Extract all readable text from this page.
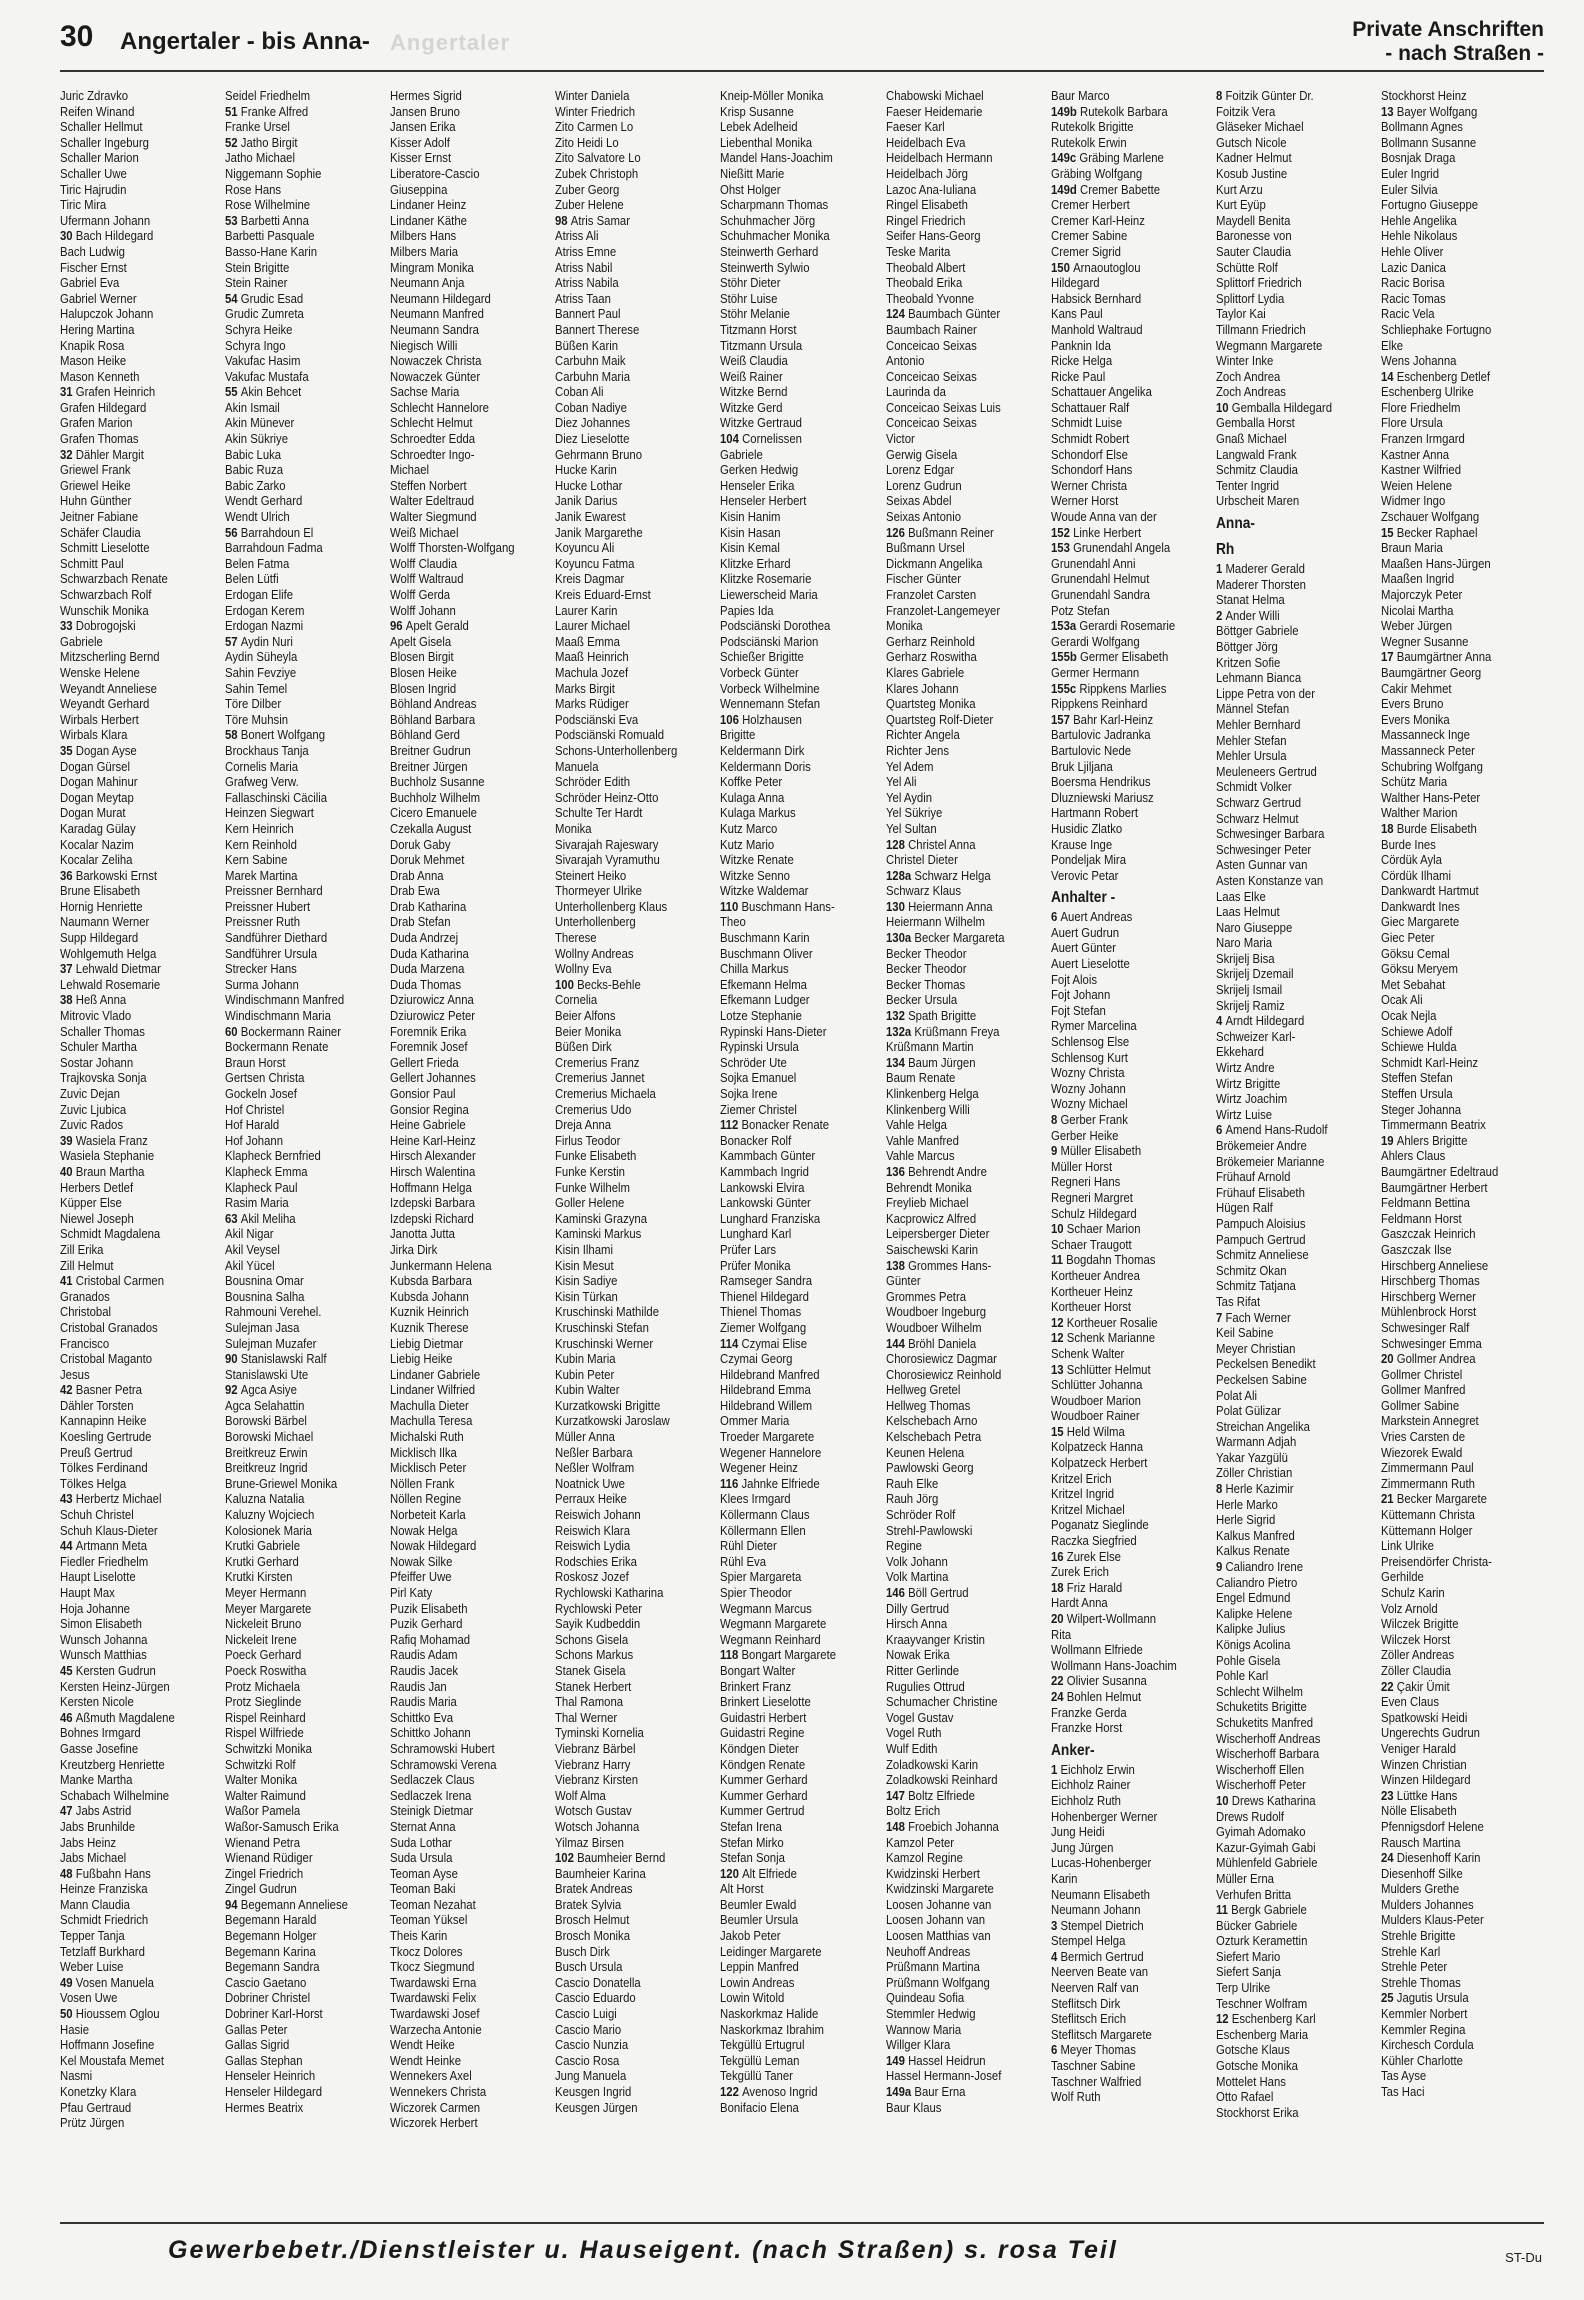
30 Angertaler - bis Anna- Angertaler
Private Anschriften
- nach Straßen -
Juric Zdravko
Reifen Winand
Schaller Hellmut
Schaller Ingeburg
Schaller Marion
Schaller Uwe
Tiric Hajrudin
Tiric Mira
Ufermann Johann
30 Bach Hildegard
Bach Ludwig
Fischer Ernst
Gabriel Eva
Gabriel Werner
Halupczok Johann
Hering Martina
Knapik Rosa
Mason Heike
Mason Kenneth
31 Grafen Heinrich
Grafen Hildegard
Grafen Marion
Grafen Thomas
32 Dähler Margit
Griewel Frank
Griewel Heike
Huhn Günther
Jeitner Fabiane
Schäfer Claudia
Schmitt Lieselotte
Schmitt Paul
Schwarzbach Renate
Schwarzbach Rolf
Wunschik Monika
33 Dobrogojski
Gabriele
Mitzscherling Bernd
Wenske Helene
Weyandt Anneliese
Weyandt Gerhard
Wirbals Herbert
Wirbals Klara
35 Dogan Ayse
Dogan Gürsel
Dogan Mahinur
Dogan Meytap
Dogan Murat
Karadag Gülay
Kocalar Nazim
Kocalar Zeliha
36 Barkowski Ernst
Brune Elisabeth
Hornig Henriette
Naumann Werner
Supp Hildegard
Wohlgemuth Helga
37 Lehwald Dietmar
Lehwald Rosemarie
38 Heß Anna
Mitrovic Vlado
Schaller Thomas
Schuler Martha
Sostar Johann
Trajkovska Sonja
Zuvic Dejan
Zuvic Ljubica
Zuvic Rados
39 Wasiela Franz
Wasiela Stephanie
40 Braun Martha
Herbers Detlef
Küpper Else
Niewel Joseph
Schmidt Magdalena
Zill Erika
Zill Helmut
41 Cristobal Carmen
Granados
Christobal
Cristobal Granados
Francisco
Cristobal Maganto
Jesus
42 Basner Petra
Dähler Torsten
Kannapinn Heike
Koesling Gertrude
Preuß Gertrud
Tölkes Ferdinand
Tölkes Helga
43 Herbertz Michael
Schuh Christel
Schuh Klaus-Dieter
44 Artmann Meta
Fiedler Friedhelm
Haupt Liselotte
Haupt Max
Hoja Johanne
Simon Elisabeth
Wunsch Johanna
Wunsch Matthias
45 Kersten Gudrun
Kersten Heinz-Jürgen
Kersten Nicole
46 Aßmuth Magdalene
Bohnes Irmgard
Gasse Josefine
Kreutzberg Henriette
Manke Martha
Schabach Wilhelmine
47 Jabs Astrid
Jabs Brunhilde
Jabs Heinz
Jabs Michael
48 Fußbahn Hans
Heinze Franziska
Mann Claudia
Schmidt Friedrich
Tepper Tanja
Tetzlaff Burkhard
Weber Luise
49 Vosen Manuela
Vosen Uwe
50 Hioussem Oglou
Hasie
Hoffmann Josefine
Kel Moustafa Memet
Nasmi
Konetzky Klara
Pfau Gertraud
Prütz Jürgen
Seidel Friedhelm
51 Franke Alfred
Franke Ursel
52 Jatho Birgit
Jatho Michael
Niggemann Sophie
Rose Hans
Rose Wilhelmine
53 Barbetti Anna
Barbetti Pasquale
Basso-Hane Karin
Stein Brigitte
Stein Rainer
54 Grudic Esad
Grudic Zumreta
Schyra Heike
Schyra Ingo
Vakufac Hasim
Vakufac Mustafa
55 Akin Behcet
Akin Ismail
Akin Münever
Akin Sükriye
Babic Luka
Babic Ruza
Babic Zarko
Wendt Gerhard
Wendt Ulrich
56 Barrahdoun El
Barrahdoun Fadma
Belen Fatma
Belen Lütfi
Erdogan Elife
Erdogan Kerem
Erdogan Nazmi
57 Aydin Nuri
Aydin Süheyla
Sahin Fevziye
Sahin Temel
Töre Dilber
Töre Muhsin
58 Bonert Wolfgang
Brockhaus Tanja
Cornelis Maria
Grafweg Verw.
Fallaschinski Cäcilia
Heinzen Siegwart
Kern Heinrich
Kern Reinhold
Kern Sabine
Marek Martina
Preissner Bernhard
Preissner Hubert
Preissner Ruth
Sandführer Diethard
Sandführer Ursula
Strecker Hans
Surma Johann
Windischmann Manfred
Windischmann Maria
60 Bockermann Rainer
Bockermann Renate
Braun Horst
Gertsen Christa
Gockeln Josef
Hof Christel
Hof Harald
Hof Johann
Klapheck Bernfried
Klapheck Emma
Klapheck Paul
Rasim Maria
63 Akil Meliha
Akil Nigar
Akil Veysel
Akil Yücel
Bousnina Omar
Bousnina Salha
Rahmouni Verehel.
Sulejman Jasa
Sulejman Muzafer
90 Stanislawski Ralf
Stanislawski Ute
92 Agca Asiye
Agca Selahattin
Borowski Bärbel
Borowski Michael
Breitkreuz Erwin
Breitkreuz Ingrid
Brune-Griewel Monika
Kaluzna Natalia
Kaluzny Wojciech
Kolosionek Maria
Krutki Gabriele
Krutki Gerhard
Krutki Kirsten
Meyer Hermann
Meyer Margarete
Nickeleit Bruno
Nickeleit Irene
Poeck Gerhard
Poeck Roswitha
Protz Michaela
Protz Sieglinde
Rispel Reinhard
Rispel Wilfriede
Schwitzki Monika
Schwitzki Rolf
Walter Monika
Walter Raimund
Waßor Pamela
Waßor-Samusch Erika
Wienand Petra
Wienand Rüdiger
Zingel Friedrich
Zingel Gudrun
94 Begemann Anneliese
Begemann Harald
Begemann Holger
Begemann Karina
Begemann Sandra
Cascio Gaetano
Dobriner Christel
Dobriner Karl-Horst
Gallas Peter
Gallas Sigrid
Gallas Stephan
Henseler Heinrich
Henseler Hildegard
Hermes Beatrix
Hermes Sigrid
Jansen Bruno
Jansen Erika
Kisser Adolf
Kisser Ernst
Liberatore-Cascio
Giuseppina
Lindaner Heinz
Lindaner Käthe
Milbers Hans
Milbers Maria
Mingram Monika
Neumann Anja
Neumann Hildegard
Neumann Manfred
Neumann Sandra
Niegisch Willi
Nowaczek Christa
Nowaczek Günter
Sachse Maria
Schlecht Hannelore
Schlecht Helmut
Schroedter Edda
Schroedter Ingo-
Michael
Steffen Norbert
Walter Edeltraud
Walter Siegmund
Weiß Michael
Wolff Thorsten-Wolfgang
Wolff Claudia
Wolff Waltraud
Wolff Gerda
Wolff Johann
96 Apelt Gerald
Apelt Gisela
Blosen Birgit
Blosen Heike
Blosen Ingrid
Böhland Andreas
Böhland Barbara
Böhland Gerd
Breitner Gudrun
Breitner Jürgen
Buchholz Susanne
Buchholz Wilhelm
Cicero Emanuele
Czekalla August
Doruk Gaby
Doruk Mehmet
Drab Anna
Drab Ewa
Drab Katharina
Drab Stefan
Duda Andrzej
Duda Katharina
Duda Marzena
Duda Thomas
Dziurowicz Anna
Dziurowicz Peter
Foremnik Erika
Foremnik Josef
Gellert Frieda
Gellert Johannes
Gonsior Paul
Gonsior Regina
Heine Gabriele
Heine Karl-Heinz
Hirsch Alexander
Hirsch Walentina
Hoffmann Helga
Izdepski Barbara
Izdepski Richard
Janotta Jutta
Jirka Dirk
Junkermann Helena
Kubsda Barbara
Kubsda Johann
Kuznik Heinrich
Kuznik Therese
Liebig Dietmar
Liebig Heike
Lindaner Gabriele
Lindaner Wilfried
Machulla Dieter
Machulla Teresa
Michalski Ruth
Micklisch Ilka
Micklisch Peter
Nöllen Frank
Nöllen Regine
Norbeteit Karla
Nowak Helga
Nowak Hildegard
Nowak Silke
Pfeiffer Uwe
Pirl Katy
Puzik Elisabeth
Puzik Gerhard
Rafiq Mohamad
Raudis Adam
Raudis Jacek
Raudis Jan
Raudis Maria
Schittko Eva
Schittko Johann
Schramowski Hubert
Schramowski Verena
Sedlaczek Claus
Sedlaczek Irena
Steinigk Dietmar
Sternat Anna
Suda Lothar
Suda Ursula
Teoman Ayse
Teoman Baki
Teoman Nezahat
Teoman Yüksel
Theis Karin
Tkocz Dolores
Tkocz Siegmund
Twardawski Erna
Twardawski Felix
Twardawski Josef
Warzecha Antonie
Wendt Heike
Wendt Heinke
Wennekers Axel
Wennekers Christa
Wiczorek Carmen
Wiczorek Herbert
Winter Daniela
Winter Friedrich
Zito Carmen Lo
Zito Heidi Lo
Zito Salvatore Lo
Zubek Christoph
Zuber Georg
Zuber Helene
98 Atris Samar
Atriss Ali
Atriss Emne
Atriss Nabil
Atriss Nabila
Atriss Taan
Bannert Paul
Bannert Therese
Büßen Karin
Carbuhn Maik
Carbuhn Maria
Coban Ali
Coban Nadiye
Diez Johannes
Diez Lieselotte
Gehrmann Bruno
Hucke Karin
Hucke Lothar
Janik Darius
Janik Ewarest
Janik Margarethe
Koyuncu Ali
Koyuncu Fatma
Kreis Dagmar
Kreis Eduard-Ernst
Laurer Karin
Laurer Michael
Maaß Emma
Maaß Heinrich
Machula Jozef
Marks Birgit
Marks Rüdiger
Podsciänski Eva
Podsciänski Romuald
Schons-Unterhollenberg
Manuela
Schröder Edith
Schröder Heinz-Otto
Schulte Ter Hardt
Monika
Sivarajah Rajeswary
Sivarajah Vyramuthu
Steinert Heiko
Thormeyer Ulrike
Unterhollenberg Klaus
Unterhollenberg
Therese
Wollny Andreas
Wollny Eva
100 Becks-Behle
Cornelia
Beier Alfons
Beier Monika
Büßen Dirk
Cremerius Franz
Cremerius Jannet
Cremerius Michaela
Cremerius Udo
Dreja Anna
Firlus Teodor
Funke Elisabeth
Funke Kerstin
Funke Wilhelm
Goller Helene
Kaminski Grazyna
Kaminski Markus
Kisin Ilhami
Kisin Mesut
Kisin Sadiye
Kisin Türkan
Kruschinski Mathilde
Kruschinski Stefan
Kruschinski Werner
Kubin Maria
Kubin Peter
Kubin Walter
Kurzatkowski Brigitte
Kurzatkowski Jaroslaw
Müller Anna
Neßler Barbara
Neßler Wolfram
Noatnick Uwe
Perraux Heike
Reiswich Johann
Reiswich Klara
Reiswich Lydia
Rodschies Erika
Roskosz Jozef
Rychlowski Katharina
Rychlowski Peter
Sayik Kudbeddin
Schons Gisela
Schons Markus
Stanek Gisela
Stanek Herbert
Thal Ramona
Thal Werner
Tyminski Kornelia
Viebranz Bärbel
Viebranz Harry
Viebranz Kirsten
Wolf Alma
Wotsch Gustav
Wotsch Johanna
Yilmaz Birsen
102 Baumheier Bernd
Baumheier Karina
Bratek Andreas
Bratek Sylvia
Brosch Helmut
Brosch Monika
Busch Dirk
Busch Ursula
Cascio Donatella
Cascio Eduardo
Cascio Luigi
Cascio Mario
Cascio Nunzia
Cascio Rosa
Jung Manuela
Keusgen Ingrid
Keusgen Jürgen
Kneip-Möller Monika
Krisp Susanne
Lebek Adelheid
Liebenthal Monika
Mandel Hans-Joachim
Nießitt Marie
Ohst Holger
Scharpmann Thomas
Schuhmacher Jörg
Schuhmacher Monika
Steinwerth Gerhard
Steinwerth Sylwio
Stöhr Dieter
Stöhr Luise
Stöhr Melanie
Titzmann Horst
Titzmann Ursula
Weiß Claudia
Weiß Rainer
Witzke Bernd
Witzke Gerd
Witzke Gertraud
104 Cornelissen
Gabriele
Gerken Hedwig
Henseler Erika
Henseler Herbert
Kisin Hanim
Kisin Hasan
Kisin Kemal
Klitzke Erhard
Klitzke Rosemarie
Liewerscheid Maria
Papies Ida
Podsciänski Dorothea
Podsciänski Marion
Schießer Brigitte
Vorbeck Günter
Vorbeck Wilhelmine
Wennemann Stefan
106 Holzhausen
Brigitte
Keldermann Dirk
Keldermann Doris
Koffke Peter
Kulaga Anna
Kulaga Markus
Kutz Marco
Kutz Mario
Witzke Renate
Witzke Senno
Witzke Waldemar
110 Buschmann Hans-
Theo
Buschmann Karin
Buschmann Oliver
Chilla Markus
Efkemann Helma
Efkemann Ludger
Lotze Stephanie
Rypinski Hans-Dieter
Rypinski Ursula
Schröder Ute
Sojka Emanuel
Sojka Irene
Ziemer Christel
112 Bonacker Renate
Bonacker Rolf
Kammbach Günter
Kammbach Ingrid
Lankowski Elvira
Lankowski Günter
Lunghard Franziska
Lunghard Karl
Prüfer Lars
Prüfer Monika
Ramseger Sandra
Thienel Hildegard
Thienel Thomas
Ziemer Wolfgang
114 Czymai Elise
Czymai Georg
Hildebrand Manfred
Hildebrand Emma
Hildebrand Willem
Ommer Maria
Troeder Margarete
Wegener Hannelore
Wegener Heinz
116 Jahnke Elfriede
Klees Irmgard
Köllermann Claus
Köllermann Ellen
Rühl Dieter
Rühl Eva
Spier Margareta
Spier Theodor
Wegmann Marcus
Wegmann Margarete
Wegmann Reinhard
118 Bongart Margarete
Bongart Walter
Brinkert Franz
Brinkert Lieselotte
Guidastri Herbert
Guidastri Regine
Köndgen Dieter
Köndgen Renate
Kummer Gerhard
Kummer Gerhard
Kummer Gertrud
Stefan Irena
Stefan Mirko
Stefan Sonja
120 Alt Elfriede
Alt Horst
Beumler Ewald
Beumler Ursula
Jakob Peter
Leidinger Margarete
Leppin Manfred
Lowin Andreas
Lowin Witold
Naskorkmaz Halide
Naskorkmaz Ibrahim
Tekgüllü Ertugrul
Tekgüllü Leman
Tekgüllü Taner
122 Avenoso Ingrid
Bonifacio Elena
Chabowski Michael
Faeser Heidemarie
Faeser Karl
Heidelbach Eva
Heidelbach Hermann
Heidelbach Jörg
Lazoc Ana-Iuliana
Ringel Elisabeth
Ringel Friedrich
Seifer Hans-Georg
Teske Marita
Theobald Albert
Theobald Erika
Theobald Yvonne
124 Baumbach Günter
Baumbach Rainer
Conceicao Seixas
Antonio
Conceicao Seixas
Laurinda da
Conceicao Seixas Luis
Conceicao Seixas
Victor
Gerwig Gisela
Lorenz Edgar
Lorenz Gudrun
Seixas Abdel
Seixas Antonio
126 Bußmann Reiner
Bußmann Ursel
Dickmann Angelika
Fischer Günter
Franzolet Carsten
Franzolet-Langemeyer
Monika
Gerharz Reinhold
Gerharz Roswitha
Klares Gabriele
Klares Johann
Quartsteg Monika
Quartsteg Rolf-Dieter
Richter Angela
Richter Jens
Yel Adem
Yel Ali
Yel Aydin
Yel Sükriye
Yel Sultan
128 Christel Anna
Christel Dieter
128a Schwarz Helga
Schwarz Klaus
130 Heiermann Anna
Heiermann Wilhelm
130a Becker Margareta
Becker Theodor
Becker Theodor
Becker Thomas
Becker Ursula
132 Spath Brigitte
132a Krüßmann Freya
Krüßmann Martin
134 Baum Jürgen
Baum Renate
Klinkenberg Helga
Klinkenberg Willi
Vahle Helga
Vahle Manfred
Vahle Marcus
136 Behrendt Andre
Behrendt Monika
Freylieb Michael
Kacprowicz Alfred
Leipersberger Dieter
Saischewski Karin
138 Grommes Hans-
Günter
Grommes Petra
Woudboer Ingeburg
Woudboer Wilhelm
144 Bröhl Daniela
Chorosiewicz Dagmar
Chorosiewicz Reinhold
Hellweg Gretel
Hellweg Thomas
Kelschebach Arno
Kelschebach Petra
Keunen Helena
Pawlowski Georg
Rauh Elke
Rauh Jörg
Schröder Rolf
Strehl-Pawlowski
Regine
Volk Johann
Volk Martina
146 Böll Gertrud
Dilly Gertrud
Hirsch Anna
Kraayvanger Kristin
Nowak Erika
Ritter Gerlinde
Rugulies Ottrud
Schumacher Christine
Vogel Gustav
Vogel Ruth
Wulf Edith
Zoladkowski Karin
Zoladkowski Reinhard
147 Boltz Elfriede
Boltz Erich
148 Froebich Johanna
Kamzol Peter
Kamzol Regine
Kwidzinski Herbert
Kwidzinski Margarete
Loosen Johanne van
Loosen Johann van
Loosen Matthias van
Neuhoff Andreas
Prüßmann Martina
Prüßmann Wolfgang
Quindeau Sofia
Stemmler Hedwig
Wannow Maria
Willger Klara
149 Hassel Heidrun
Hassel Hermann-Josef
149a Baur Erna
Baur Klaus
Baur Marco
149b Rutekolk Barbara
Rutekolk Brigitte
Rutekolk Erwin
149c Gräbing Marlene
Gräbing Wolfgang
149d Cremer Babette
Cremer Herbert
Cremer Karl-Heinz
Cremer Sabine
Cremer Sigrid
150 Arnaoutoglou
Hildegard
Habsick Bernhard
Kans Paul
Manhold Waltraud
Panknin Ida
Ricke Helga
Ricke Paul
Schattauer Angelika
Schattauer Ralf
Schmidt Luise
Schmidt Robert
Schondorf Else
Schondorf Hans
Werner Christa
Werner Horst
Woude Anna van der
152 Linke Herbert
153 Grunendahl Angela
Grunendahl Anni
Grunendahl Helmut
Grunendahl Sandra
Potz Stefan
153a Gerardi Rosemarie
Gerardi Wolfgang
155b Germer Elisabeth
Germer Hermann
155c Rippkens Marlies
Rippkens Reinhard
157 Bahr Karl-Heinz
Bartulovic Jadranka
Bartulovic Nede
Bruk Ljiljana
Boersma Hendrikus
Dluzniewski Mariusz
Hartmann Robert
Husidic Zlatko
Krause Inge
Pondeljak Mira
Verovic Petar
Anhalter -
6 Auert Andreas
Auert Gudrun
Auert Günter
Auert Lieselotte
Fojt Alois
Fojt Johann
Fojt Stefan
Rymer Marcelina
Schlensog Else
Schlensog Kurt
Wozny Christa
Wozny Johann
Wozny Michael
8 Gerber Frank
Gerber Heike
9 Müller Elisabeth
Müller Horst
Regneri Hans
Regneri Margret
Schulz Hildegard
10 Schaer Marion
Schaer Traugott
11 Bogdahn Thomas
Kortheuer Andrea
Kortheuer Heinz
Kortheuer Horst
12 Kortheuer Rosalie
12 Schenk Marianne
Schenk Walter
13 Schlütter Helmut
Schlütter Johanna
Woudboer Marion
Woudboer Rainer
15 Held Wilma
Kolpatzeck Hanna
Kolpatzeck Herbert
Kritzel Erich
Kritzel Ingrid
Kritzel Michael
Poganatz Sieglinde
Raczka Siegfried
16 Zurek Else
Zurek Erich
18 Friz Harald
Hardt Anna
20 Wilpert-Wollmann
Rita
Wollmann Elfriede
Wollmann Hans-Joachim
22 Olivier Susanna
24 Bohlen Helmut
Franzke Gerda
Franzke Horst
Anker-
1 Eichholz Erwin
Eichholz Rainer
Eichholz Ruth
Hohenberger Werner
Jung Heidi
Jung Jürgen
Lucas-Hohenberger
Karin
Neumann Elisabeth
Neumann Johann
3 Stempel Dietrich
Stempel Helga
4 Bermich Gertrud
Neerven Beate van
Neerven Ralf van
Steflitsch Dirk
Steflitsch Erich
Steflitsch Margarete
6 Meyer Thomas
Taschner Sabine
Taschner Walfried
Wolf Ruth
8 Foitzik Günter Dr.
Foitzik Vera
Gläseker Michael
Gutsch Nicole
Kadner Helmut
Kosub Justine
Kurt Arzu
Kurt Eyüp
Maydell Benita
Baronesse von
Sauter Claudia
Schütte Rolf
Splittorf Friedrich
Splittorf Lydia
Taylor Kai
Tillmann Friedrich
Wegmann Margarete
Winter Inke
Zoch Andrea
Zoch Andreas
10 Gemballa Hildegard
Gemballa Horst
Gnaß Michael
Langwald Frank
Schmitz Claudia
Tenter Ingrid
Urbscheit Maren
Anna-
Rh
1 Maderer Gerald
Maderer Thorsten
Stanat Helma
2 Ander Willi
Böttger Gabriele
Böttger Jörg
Kritzen Sofie
Lehmann Bianca
Lippe Petra von der
Männel Stefan
Mehler Bernhard
Mehler Stefan
Mehler Ursula
Meuleneers Gertrud
Schmidt Volker
Schwarz Gertrud
Schwarz Helmut
Schwesinger Barbara
Schwesinger Peter
Asten Gunnar van
Asten Konstanze van
Laas Elke
Laas Helmut
Naro Giuseppe
Naro Maria
Skrijelj Bisa
Skrijelj Dzemail
Skrijelj Ismail
Skrijelj Ramiz
4 Arndt Hildegard
Schweizer Karl-
Ekkehard
Wirtz Andre
Wirtz Brigitte
Wirtz Joachim
Wirtz Luise
6 Amend Hans-Rudolf
Brökemeier Andre
Brökemeier Marianne
Frühauf Arnold
Frühauf Elisabeth
Hügen Ralf
Pampuch Aloisius
Pampuch Gertrud
Schmitz Anneliese
Schmitz Okan
Schmitz Tatjana
Tas Rifat
7 Fach Werner
Keil Sabine
Meyer Christian
Peckelsen Benedikt
Peckelsen Sabine
Polat Ali
Polat Gülizar
Streichan Angelika
Warmann Adjah
Yakar Yazgülü
Zöller Christian
8 Herle Kazimir
Herle Marko
Herle Sigrid
Kalkus Manfred
Kalkus Renate
9 Caliandro Irene
Caliandro Pietro
Engel Edmund
Kalipke Helene
Kalipke Julius
Königs Acolina
Pohle Gisela
Pohle Karl
Schlecht Wilhelm
Schuketits Brigitte
Schuketits Manfred
Wischerhoff Andreas
Wischerhoff Barbara
Wischerhoff Ellen
Wischerhoff Peter
10 Drews Katharina
Drews Rudolf
Gyimah Adomako
Kazur-Gyimah Gabi
Mühlenfeld Gabriele
Müller Erna
Verhufen Britta
11 Bergk Gabriele
Bücker Gabriele
Ozturk Keramettin
Siefert Mario
Siefert Sanja
Terp Ulrike
Teschner Wolfram
12 Eschenberg Karl
Eschenberg Maria
Gotsche Klaus
Gotsche Monika
Mottelet Hans
Otto Rafael
Stockhorst Erika
Stockhorst Heinz
13 Bayer Wolfgang
Bollmann Agnes
Bollmann Susanne
Bosnjak Draga
Euler Ingrid
Euler Silvia
Fortugno Giuseppe
Hehle Angelika
Hehle Nikolaus
Hehle Oliver
Lazic Danica
Racic Borisa
Racic Tomas
Racic Vela
Schliephake Fortugno
Elke
Wens Johanna
14 Eschenberg Detlef
Eschenberg Ulrike
Flore Friedhelm
Flore Ursula
Franzen Irmgard
Kastner Anna
Kastner Wilfried
Weien Helene
Widmer Ingo
Zschauer Wolfgang
15 Becker Raphael
Braun Maria
Maaßen Hans-Jürgen
Maaßen Ingrid
Majorczyk Peter
Nicolai Martha
Weber Jürgen
Wegner Susanne
17 Baumgärtner Anna
Baumgärtner Georg
Cakir Mehmet
Evers Bruno
Evers Monika
Massanneck Inge
Massanneck Peter
Schubring Wolfgang
Schütz Maria
Walther Hans-Peter
Walther Marion
18 Burde Elisabeth
Burde Ines
Cördük Ayla
Cördük Ilhami
Dankwardt Hartmut
Dankwardt Ines
Giec Margarete
Giec Peter
Göksu Cemal
Göksu Meryem
Met Sebahat
Ocak Ali
Ocak Nejla
Schiewe Adolf
Schiewe Hulda
Schmidt Karl-Heinz
Steffen Stefan
Steffen Ursula
Steger Johanna
Timmermann Beatrix
19 Ahlers Brigitte
Ahlers Claus
Baumgärtner Edeltraud
Baumgärtner Herbert
Feldmann Bettina
Feldmann Horst
Gaszczak Heinrich
Gaszczak Ilse
Hirschberg Anneliese
Hirschberg Thomas
Hirschberg Werner
Mühlenbrock Horst
Schwesinger Ralf
Schwesinger Emma
20 Gollmer Andrea
Gollmer Christel
Gollmer Manfred
Gollmer Sabine
Markstein Annegret
Vries Carsten de
Wiezorek Ewald
Zimmermann Paul
Zimmermann Ruth
21 Becker Margarete
Küttemann Christa
Küttemann Holger
Link Ulrike
Preisendörfer Christa-
Gerhilde
Schulz Karin
Volz Arnold
Wilczek Brigitte
Wilczek Horst
Zöller Andreas
Zöller Claudia
22 Çakir Ümit
Even Claus
Spatkowski Heidi
Ungerechts Gudrun
Veniger Harald
Winzen Christian
Winzen Hildegard
23 Lüttke Hans
Nölle Elisabeth
Pfennigsdorf Helene
Rausch Martina
24 Diesenhoff Karin
Diesenhoff Silke
Mulders Grethe
Mulders Johannes
Mulders Klaus-Peter
Strehle Brigitte
Strehle Karl
Strehle Peter
Strehle Thomas
25 Jagutis Ursula
Kemmler Norbert
Kemmler Regina
Kirchesch Cordula
Kühler Charlotte
Tas Ayse
Tas Haci
Gewerbebetr./Dienstleister u. Hauseigent. (nach Straßen) s. rosa Teil	ST-Du
